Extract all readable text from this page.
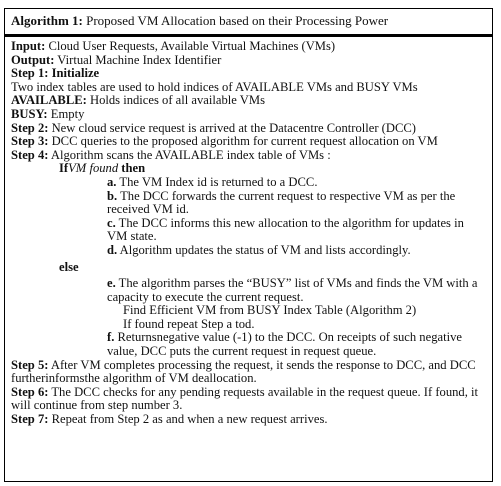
Algorithm 1: Proposed VM Allocation based on their Processing Power
Input: Cloud User Requests, Available Virtual Machines (VMs)
Output: Virtual Machine Index Identifier
Step 1: Initialize
Two index tables are used to hold indices of AVAILABLE VMs and BUSY VMs
AVAILABLE: Holds indices of all available VMs
BUSY: Empty
Step 2: New cloud service request is arrived at the Datacentre Controller (DCC)
Step 3: DCC queries to the proposed algorithm for current request allocation on VM
Step 4: Algorithm scans the AVAILABLE index table of VMs :
IfVM found then
a. The VM Index id is returned to a DCC.
b. The DCC forwards the current request to respective VM as per the received VM id.
c. The DCC informs this new allocation to the algorithm for updates in VM state.
d. Algorithm updates the status of VM and lists accordingly.
else
e. The algorithm parses the “BUSY” list of VMs and finds the VM with a capacity to execute the current request.
Find Efficient VM from BUSY Index Table (Algorithm 2)
If found repeat Step a tod.
f. Returnsnegative value (-1) to the DCC. On receipts of such negative value, DCC puts the current request in request queue.
Step 5: After VM completes processing the request, it sends the response to DCC, and DCC furtherinformsthe algorithm of VM deallocation.
Step 6: The DCC checks for any pending requests available in the request queue. If found, it will continue from step number 3.
Step 7: Repeat from Step 2 as and when a new request arrives.
